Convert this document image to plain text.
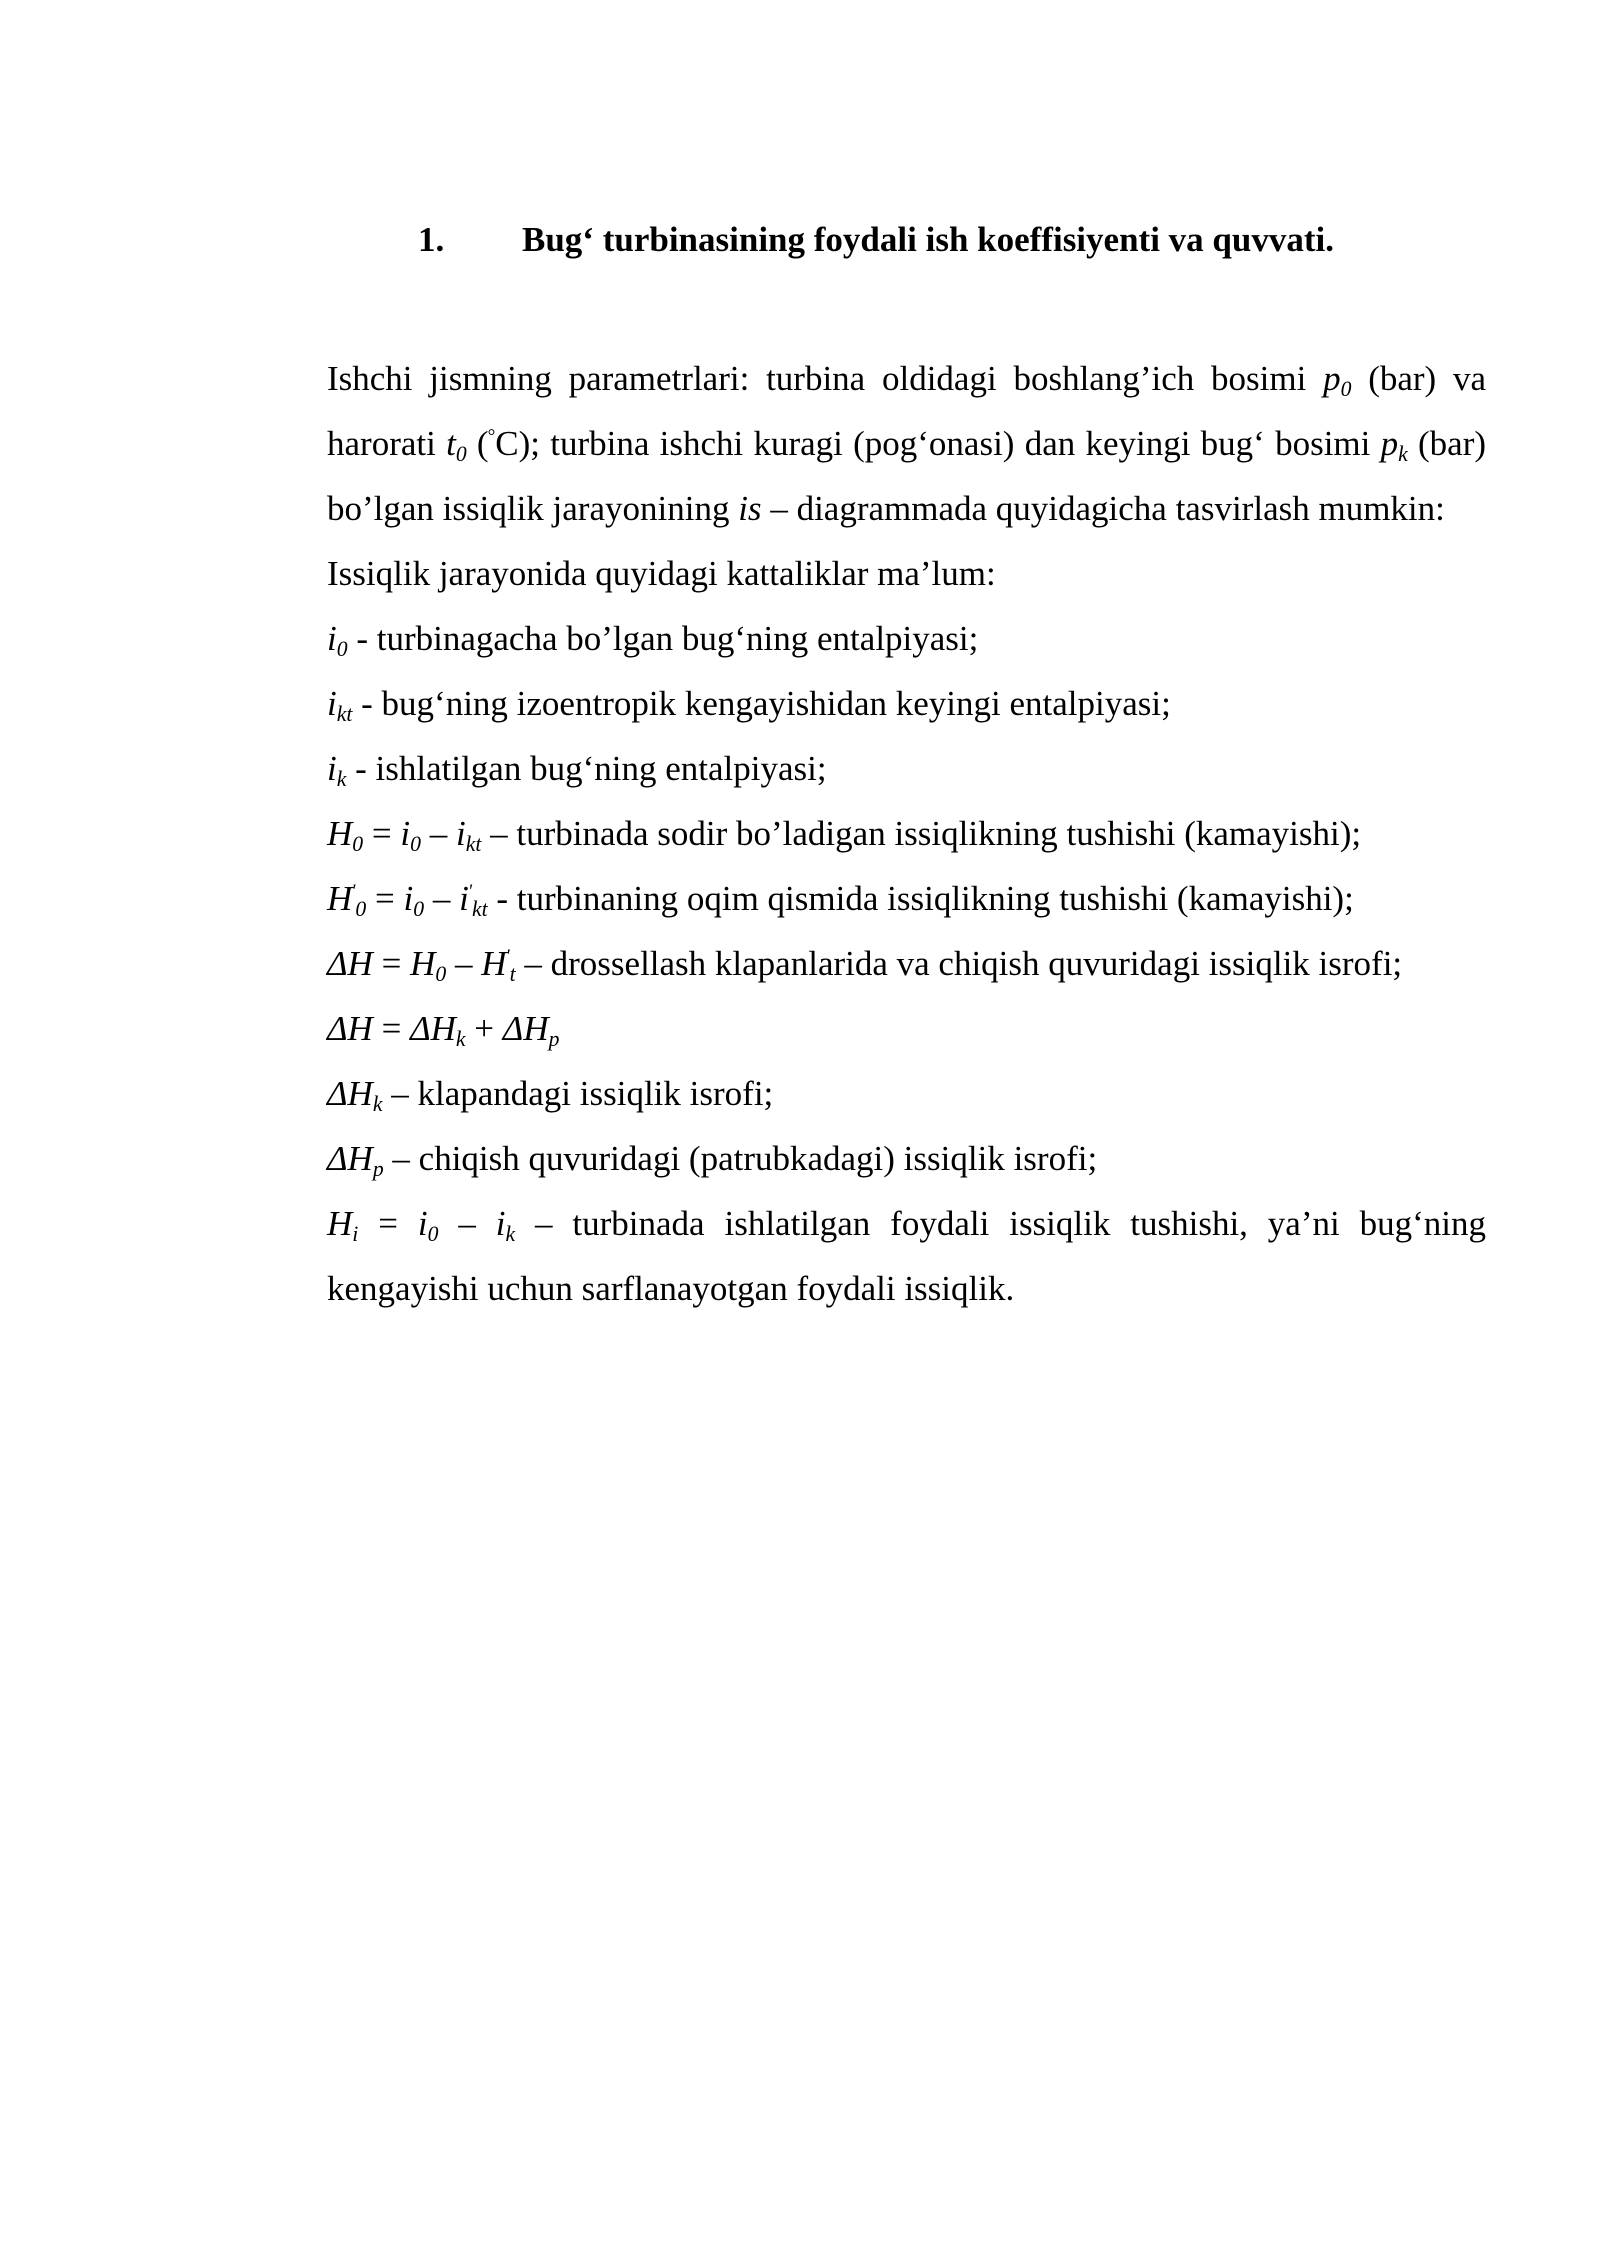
1. Bug‘ turbinasining foydali ish koeffisiyenti va quvvati.

Ishchi jismning parametrlari: turbina oldidagi boshlang’ich bosimi $p_0$ (bar) va harorati $t_0$ (°C); turbina ishchi kuragi (pog‘onasi) dan keyingi bug‘ bosimi $p_k$ (bar) bo’lgan issiqlik jarayonining is – diagrammada quyidagicha tasvirlash mumkin:

Issiqlik jarayonida quyidagi kattaliklar ma’lum:

$i_0$ - turbinagacha bo’lgan bug‘ning entalpiyasi;

$i_{kt}$ - bug‘ning izoentropik kengayishidan keyingi entalpiyasi;

$i_k$ - ishlatilgan bug‘ning entalpiyasi;

$H_0 = i_0 - i_{kt}$ – turbinada sodir bo’ladigan issiqlikning tushishi (kamayishi);

$H'_0 = i_0 - i'_{kt}$ - turbinaning oqim qismida issiqlikning tushishi (kamayishi);

$\Delta H = H_0 - H'_t$ – drossellash klapanlarida va chiqish quvuridagi issiqlik isrofi;

$\Delta H = \Delta H_k + \Delta H_p$

$\Delta H_k$ – klapandagi issiqlik isrofi;

$\Delta H_p$ – chiqish quvuridagi (patrubkadagi) issiqlik isrofi;

$H_i = i_0 - i_k$ – turbinada ishlatilgan foydali issiqlik tushishi, ya’ni bug‘ning kengayishi uchun sarflanayotgan foydali issiqlik.
